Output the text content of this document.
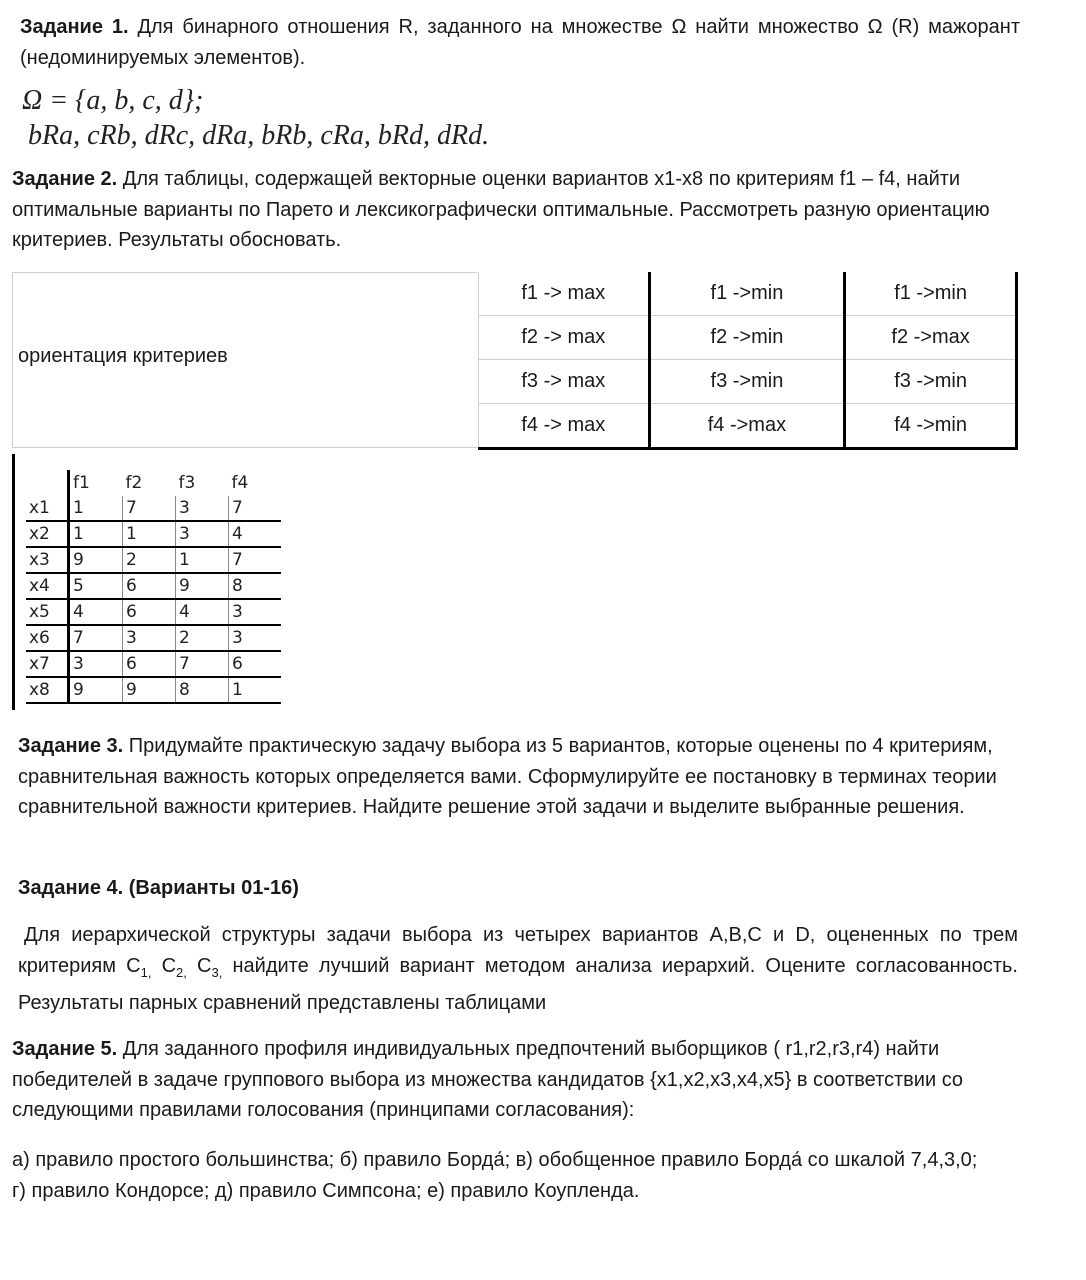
Задание 1. Для бинарного отношения R, заданного на множестве Ω найти множество Ω (R) мажорант (недоминируемых элементов).
Ω = {a, b, c, d};
bRa, cRb, dRc, dRa, bRb, cRa, bRd, dRd.
Задание 2. Для таблицы, содержащей векторные оценки вариантов x1-x8 по критериям f1 – f4, найти оптимальные варианты по Парето и лексикографически оптимальные. Рассмотреть разную ориентацию критериев. Результаты обосновать.
ориентация критериев
f1 -> max	f1 ->min	f1 ->min
f2 -> max	f2 ->min	f2 ->max
f3 -> max	f3 ->min	f3 ->min
f4 -> max	f4 ->max	f4 ->min
	f1	f2	f3	f4
x1	1	7	3	7
x2	1	1	3	4
x3	9	2	1	7
x4	5	6	9	8
x5	4	6	4	3
x6	7	3	2	3
x7	3	6	7	6
x8	9	9	8	1
Задание 3. Придумайте практическую задачу выбора из 5 вариантов, которые оценены по 4 критериям, сравнительная важность которых определяется вами. Сформулируйте ее постановку в терминах теории сравнительной важности критериев. Найдите решение этой задачи и выделите выбранные решения.
Задание 4. (Варианты 01-16)
Для иерархической структуры задачи выбора из четырех вариантов A,B,C и D, оцененных по трем критериям $C_{1,}$ $C_{2,}$ $C_{3,}$ найдите лучший вариант методом анализа иерархий. Оцените согласованность. Результаты парных сравнений представлены таблицами
Задание 5. Для заданного профиля индивидуальных предпочтений выборщиков ( r1,r2,r3,r4) найти победителей в задаче группового выбора из множества кандидатов {x1,x2,x3,x4,x5} в соответствии со следующими правилами голосования (принципами согласования):
а) правило простого большинства; б) правило Борда́; в) обобщенное правило Борда́ со шкалой 7,4,3,0; г) правило Кондорсе; д) правило Симпсона; е) правило Коупленда.
